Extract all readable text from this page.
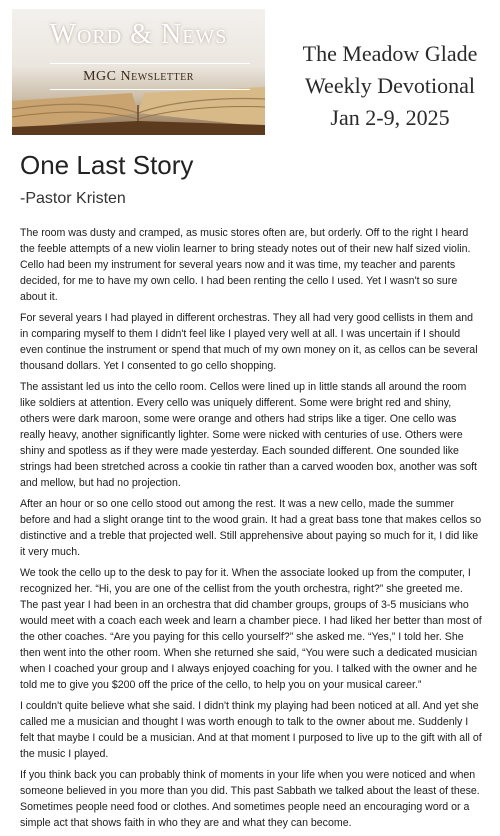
Word & News
MGC Newsletter
The Meadow Glade
Weekly Devotional
Jan 2-9, 2025
One Last Story
-Pastor Kristen

The room was dusty and cramped, as music stores often are, but orderly. Off to the right I heard the feeble attempts of a new violin learner to bring steady notes out of their new half sized violin. Cello had been my instrument for several years now and it was time, my teacher and parents decided, for me to have my own cello. I had been renting the cello I used. Yet I wasn't so sure about it.

For several years I had played in different orchestras. They all had very good cellists in them and in comparing myself to them I didn't feel like I played very well at all. I was uncertain if I should even continue the instrument or spend that much of my own money on it, as cellos can be several thousand dollars. Yet I consented to go cello shopping.

The assistant led us into the cello room. Cellos were lined up in little stands all around the room like soldiers at attention. Every cello was uniquely different. Some were bright red and shiny, others were dark maroon, some were orange and others had strips like a tiger. One cello was really heavy, another significantly lighter. Some were nicked with centuries of use. Others were shiny and spotless as if they were made yesterday. Each sounded different. One sounded like strings had been stretched across a cookie tin rather than a carved wooden box, another was soft and mellow, but had no projection.

After an hour or so one cello stood out among the rest. It was a new cello, made the summer before and had a slight orange tint to the wood grain. It had a great bass tone that makes cellos so distinctive and a treble that projected well. Still apprehensive about paying so much for it, I did like it very much.

We took the cello up to the desk to pay for it. When the associate looked up from the computer, I recognized her. “Hi, you are one of the cellist from the youth orchestra, right?” she greeted me. The past year I had been in an orchestra that did chamber groups, groups of 3-5 musicians who would meet with a coach each week and learn a chamber piece. I had liked her better than most of the other coaches. “Are you paying for this cello yourself?” she asked me. “Yes,” I told her. She then went into the other room. When she returned she said, “You were such a dedicated musician when I coached your group and I always enjoyed coaching for you. I talked with the owner and he told me to give you $200 off the price of the cello, to help you on your musical career.”

I couldn't quite believe what she said. I didn't think my playing had been noticed at all. And yet she called me a musician and thought I was worth enough to talk to the owner about me. Suddenly I felt that maybe I could be a musician. And at that moment I purposed to live up to the gift with all of the music I played.

If you think back you can probably think of moments in your life when you were noticed and when someone believed in you more than you did. This past Sabbath we talked about the least of these. Sometimes people need food or clothes. And sometimes people need an encouraging word or a simple act that shows faith in who they are and what they can become.
